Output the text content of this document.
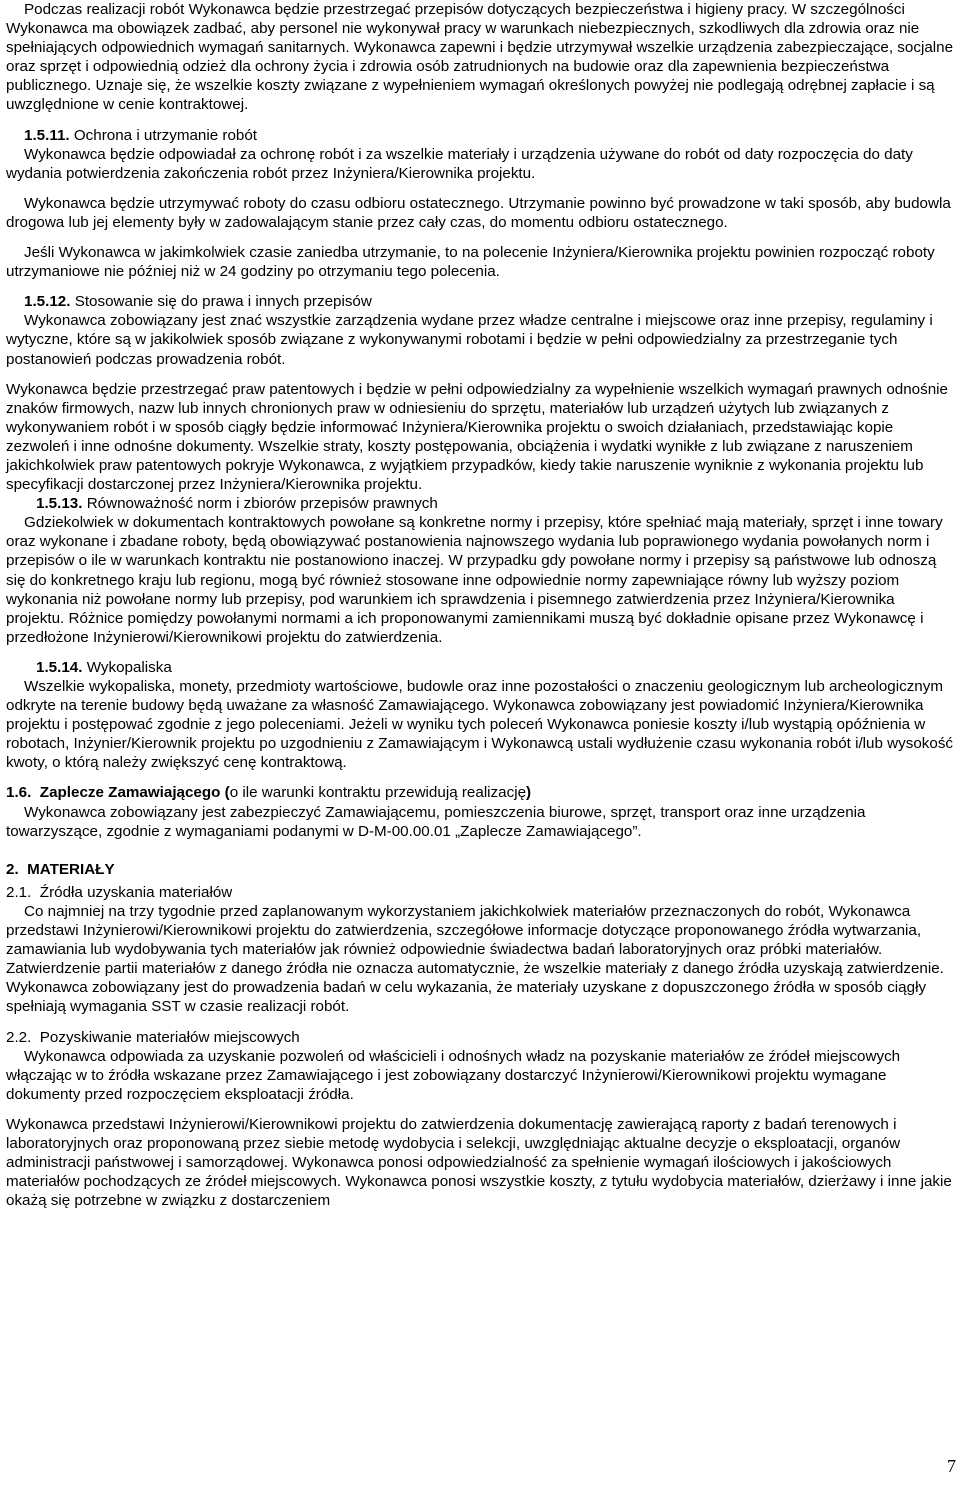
Podczas realizacji robót Wykonawca będzie przestrzegać przepisów dotyczących bezpieczeństwa i higieny pracy. W szczególności Wykonawca ma obowiązek zadbać, aby personel nie wykonywał pracy w warunkach niebezpiecznych, szkodliwych dla zdrowia oraz nie spełniających odpowiednich wymagań sanitarnych. Wykonawca zapewni i będzie utrzymywał wszelkie urządzenia zabezpieczające, socjalne oraz sprzęt i odpowiednią odzież dla ochrony życia i zdrowia osób zatrudnionych na budowie oraz dla zapewnienia bezpieczeństwa publicznego. Uznaje się, że wszelkie koszty związane z wypełnieniem wymagań określonych powyżej nie podlegają odrębnej zapłacie i są uwzględnione w cenie kontraktowej.

1.5.11. Ochrona i utrzymanie robót

Wykonawca będzie odpowiadał za ochronę robót i za wszelkie materiały i urządzenia używane do robót od daty rozpoczęcia do daty wydania potwierdzenia zakończenia robót przez Inżyniera/Kierownika projektu.

Wykonawca będzie utrzymywać roboty do czasu odbioru ostatecznego. Utrzymanie powinno być prowadzone w taki sposób, aby budowla drogowa lub jej elementy były w zadowalającym stanie przez cały czas, do momentu odbioru ostatecznego.

Jeśli Wykonawca w jakimkolwiek czasie zaniedba utrzymanie, to na polecenie Inżyniera/Kierownika projektu powinien rozpocząć roboty utrzymaniowe nie później niż w 24 godziny po otrzymaniu tego polecenia.

1.5.12. Stosowanie się do prawa i innych przepisów

Wykonawca zobowiązany jest znać wszystkie zarządzenia wydane przez władze centralne i miejscowe oraz inne przepisy, regulaminy i wytyczne, które są w jakikolwiek sposób związane z wykonywanymi robotami i będzie w pełni odpowiedzialny za przestrzeganie tych postanowień podczas prowadzenia robót.

Wykonawca będzie przestrzegać praw patentowych i będzie w pełni odpowiedzialny za wypełnienie wszelkich wymagań prawnych odnośnie znaków firmowych, nazw lub innych chronionych praw w odniesieniu do sprzętu, materiałów lub urządzeń użytych lub związanych z wykonywaniem robót i w sposób ciągły będzie informować Inżyniera/Kierownika projektu o swoich działaniach, przedstawiając kopie zezwoleń i inne odnośne dokumenty. Wszelkie straty, koszty postępowania, obciążenia i wydatki wynikłe z lub związane z naruszeniem jakichkolwiek praw patentowych pokryje Wykonawca, z wyjątkiem przypadków, kiedy takie naruszenie wyniknie z wykonania projektu lub specyfikacji dostarczonej przez Inżyniera/Kierownika projektu.

1.5.13. Równoważność norm i zbiorów przepisów prawnych

Gdziekolwiek w dokumentach kontraktowych powołane są konkretne normy i przepisy, które spełniać mają materiały, sprzęt i inne towary oraz wykonane i zbadane roboty, będą obowiązywać postanowienia najnowszego wydania lub poprawionego wydania powołanych norm i przepisów o ile w warunkach kontraktu nie postanowiono inaczej. W przypadku gdy powołane normy i przepisy są państwowe lub odnoszą się do konkretnego kraju lub regionu, mogą być również stosowane inne odpowiednie normy zapewniające równy lub wyższy poziom wykonania niż powołane normy lub przepisy, pod warunkiem ich sprawdzenia i pisemnego zatwierdzenia przez Inżyniera/Kierownika projektu. Różnice pomiędzy powołanymi normami a ich proponowanymi zamiennikami muszą być dokładnie opisane przez Wykonawcę i przedłożone Inżynierowi/Kierownikowi projektu do zatwierdzenia.

1.5.14. Wykopaliska

Wszelkie wykopaliska, monety, przedmioty wartościowe, budowle oraz inne pozostałości o znaczeniu geologicznym lub archeologicznym odkryte na terenie budowy będą uważane za własność Zamawiającego. Wykonawca zobowiązany jest powiadomić Inżyniera/Kierownika projektu i postępować zgodnie z jego poleceniami. Jeżeli w wyniku tych poleceń Wykonawca poniesie koszty i/lub wystąpią opóźnienia w robotach, Inżynier/Kierownik projektu po uzgodnieniu z Zamawiającym i Wykonawcą ustali wydłużenie czasu wykonania robót i/lub wysokość kwoty, o którą należy zwiększyć cenę kontraktową.

1.6. Zaplecze Zamawiającego (o ile warunki kontraktu przewidują realizację)

Wykonawca zobowiązany jest zabezpieczyć Zamawiającemu, pomieszczenia biurowe, sprzęt, transport oraz inne urządzenia towarzyszące, zgodnie z wymaganiami podanymi w D-M-00.00.01 „Zaplecze Zamawiającego”.

2. MATERIAŁY

2.1. Źródła uzyskania materiałów

Co najmniej na trzy tygodnie przed zaplanowanym wykorzystaniem jakichkolwiek materiałów przeznaczonych do robót, Wykonawca przedstawi Inżynierowi/Kierownikowi projektu do zatwierdzenia, szczegółowe informacje dotyczące proponowanego źródła wytwarzania, zamawiania lub wydobywania tych materiałów jak również odpowiednie świadectwa badań laboratoryjnych oraz próbki materiałów. Zatwierdzenie partii materiałów z danego źródła nie oznacza automatycznie, że wszelkie materiały z danego źródła uzyskają zatwierdzenie. Wykonawca zobowiązany jest do prowadzenia badań w celu wykazania, że materiały uzyskane z dopuszczonego źródła w sposób ciągły spełniają wymagania SST w czasie realizacji robót.

2.2. Pozyskiwanie materiałów miejscowych

Wykonawca odpowiada za uzyskanie pozwoleń od właścicieli i odnośnych władz na pozyskanie materiałów ze źródeł miejscowych włączając w to źródła wskazane przez Zamawiającego i jest zobowiązany dostarczyć Inżynierowi/Kierownikowi projektu wymagane dokumenty przed rozpoczęciem eksploatacji źródła.

Wykonawca przedstawi Inżynierowi/Kierownikowi projektu do zatwierdzenia dokumentację zawierającą raporty z badań terenowych i laboratoryjnych oraz proponowaną przez siebie metodę wydobycia i selekcji, uwzględniając aktualne decyzje o eksploatacji, organów administracji państwowej i samorządowej. Wykonawca ponosi odpowiedzialność za spełnienie wymagań ilościowych i jakościowych materiałów pochodzących ze źródeł miejscowych. Wykonawca ponosi wszystkie koszty, z tytułu wydobycia materiałów, dzierżawy i inne jakie okażą się potrzebne w związku z dostarczeniem

7
